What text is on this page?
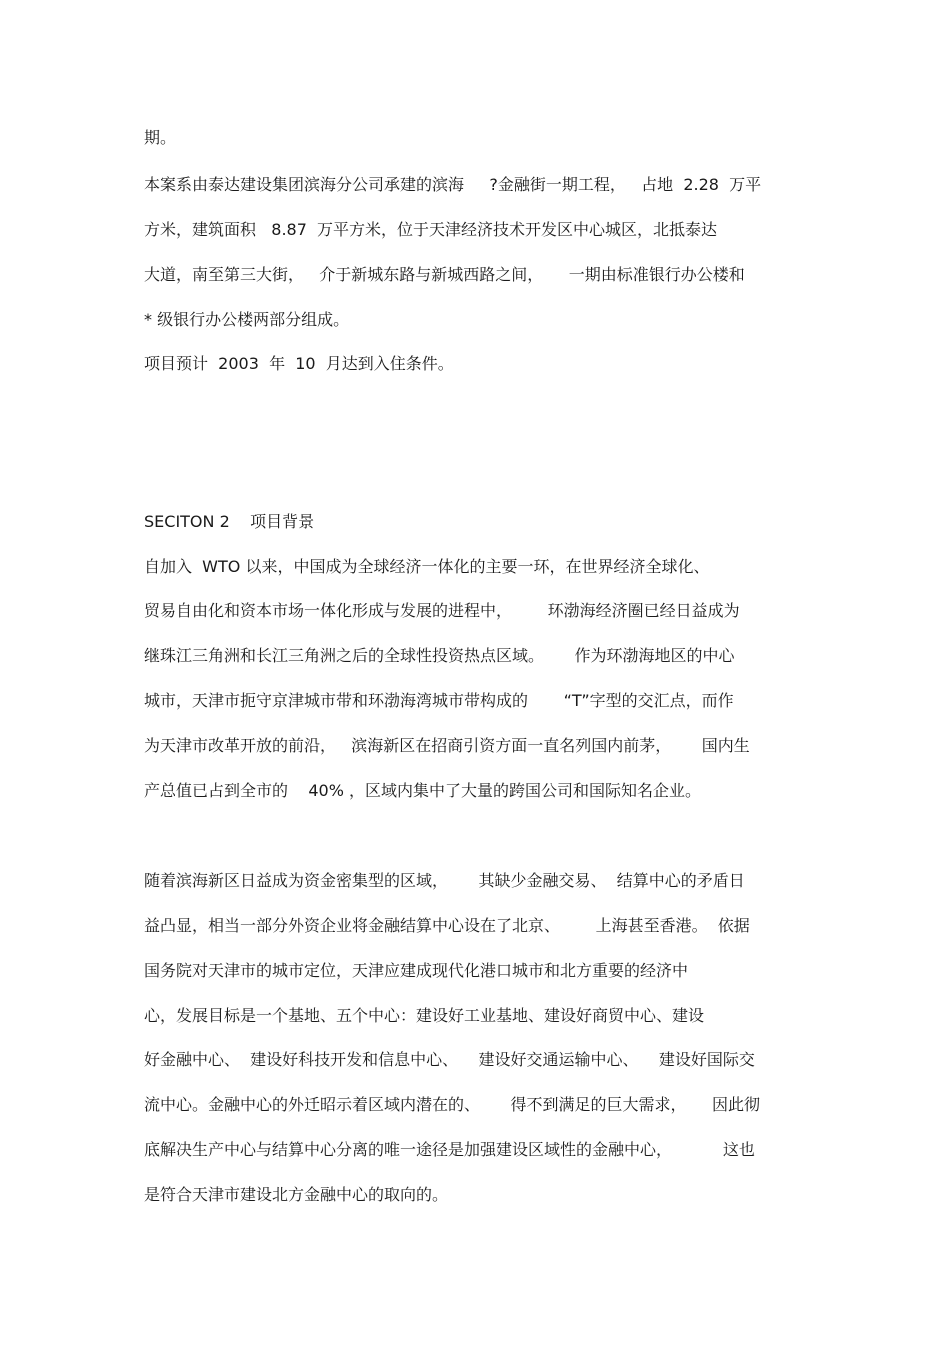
期。
本案系由泰达建设集团滨海分公司承建的滨海     ?金融街一期工程，   占地  2.28  万平
方米，建筑面积   8.87  万平方米，位于天津经济技术开发区中心城区，北抵泰达
大道，南至第三大街，   介于新城东路与新城西路之间，     一期由标准银行办公楼和
* 级银行办公楼两部分组成。
项目预计  2003  年  10  月达到入住条件。
SECITON 2    项目背景
自加入  WTO 以来，中国成为全球经济一体化的主要一环，在世界经济全球化、
贸易自由化和资本市场一体化形成与发展的进程中，       环渤海经济圈已经日益成为
继珠江三角洲和长江三角洲之后的全球性投资热点区域。      作为环渤海地区的中心
城市，天津市扼守京津城市带和环渤海湾城市带构成的       “T”字型的交汇点，而作
为天津市改革开放的前沿，   滨海新区在招商引资方面一直名列国内前茅，      国内生
产总值已占到全市的    40% ，区域内集中了大量的跨国公司和国际知名企业。
随着滨海新区日益成为资金密集型的区域，      其缺少金融交易、  结算中心的矛盾日
益凸显，相当一部分外资企业将金融结算中心设在了北京、       上海甚至香港。  依据
国务院对天津市的城市定位，天津应建成现代化港口城市和北方重要的经济中
心，发展目标是一个基地、五个中心：建设好工业基地、建设好商贸中心、建设
好金融中心、  建设好科技开发和信息中心、    建设好交通运输中心、    建设好国际交
流中心。金融中心的外迁昭示着区域内潜在的、      得不到满足的巨大需求，     因此彻
底解决生产中心与结算中心分离的唯一途径是加强建设区域性的金融中心，          这也
是符合天津市建设北方金融中心的取向的。
